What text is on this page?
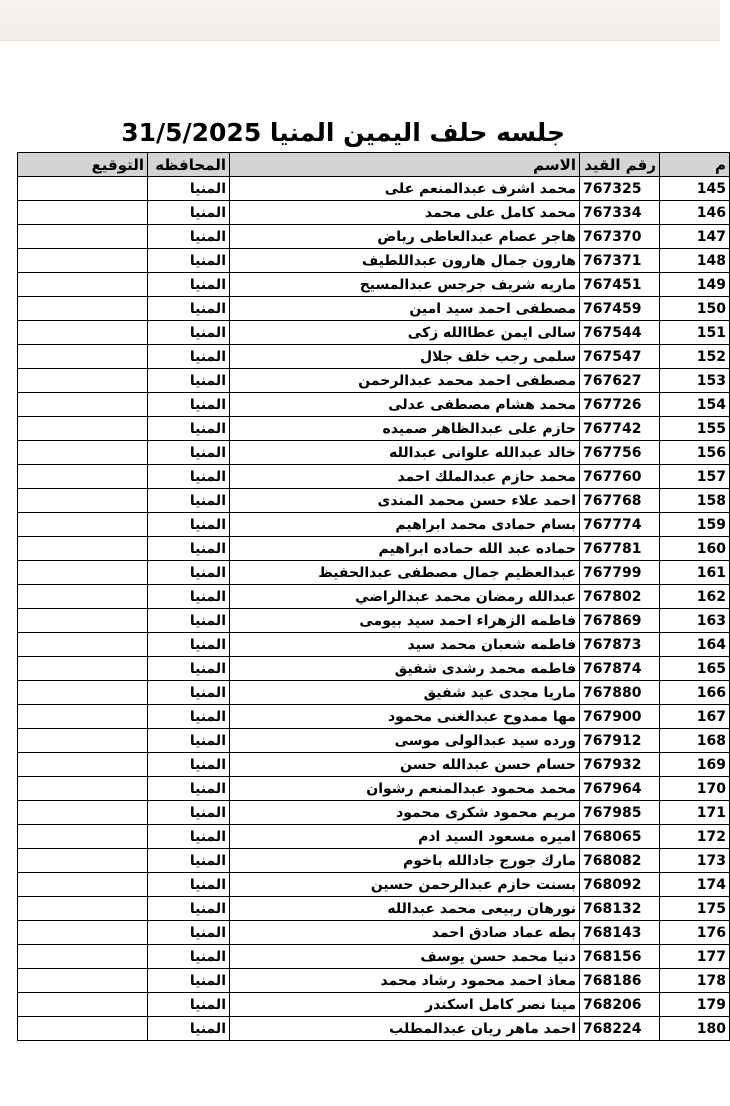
جلسه حلف اليمين المنيا 31/5/2025
م	رقم القيد	الاسم	المحافظه	التوقيع
145	767325	محمد اشرف عبدالمنعم على	المنيا	
146	767334	محمد كامل على محمد	المنيا	
147	767370	هاجر عصام عبدالعاطى رياض	المنيا	
148	767371	هارون جمال هارون عبداللطيف	المنيا	
149	767451	ماريه شريف جرجس عبدالمسيح	المنيا	
150	767459	مصطفى احمد سيد امين	المنيا	
151	767544	سالى ايمن عطاالله زكى	المنيا	
152	767547	سلمى رجب خلف جلال	المنيا	
153	767627	مصطفى احمد محمد عبدالرحمن	المنيا	
154	767726	محمد هشام مصطفى عدلى	المنيا	
155	767742	حازم على عبدالظاهر صميده	المنيا	
156	767756	خالد عبدالله علوانى عبدالله	المنيا	
157	767760	محمد حازم عبدالملك احمد	المنيا	
158	767768	احمد علاء حسن محمد المندى	المنيا	
159	767774	بسام حمادى محمد ابراهيم	المنيا	
160	767781	حماده عبد الله حماده ابراهيم	المنيا	
161	767799	عبدالعظيم جمال مصطفى عبدالحفيظ	المنيا	
162	767802	عبدالله رمضان محمد عبدالراضي	المنيا	
163	767869	فاطمه الزهراء احمد سيد بيومى	المنيا	
164	767873	فاطمه شعبان محمد سيد	المنيا	
165	767874	فاطمه محمد رشدى شفيق	المنيا	
166	767880	ماريا مجدى عيد شفيق	المنيا	
167	767900	مها ممدوح عبدالغنى محمود	المنيا	
168	767912	ورده سيد عبدالولى موسى	المنيا	
169	767932	حسام حسن عبدالله حسن	المنيا	
170	767964	محمد محمود عبدالمنعم رشوان	المنيا	
171	767985	مريم محمود شكرى محمود	المنيا	
172	768065	اميره مسعود السيد ادم	المنيا	
173	768082	مارك جورج جادالله باخوم	المنيا	
174	768092	بسنت حازم عبدالرحمن حسين	المنيا	
175	768132	نورهان ربيعى محمد عبدالله	المنيا	
176	768143	بطه عماد صادق احمد	المنيا	
177	768156	دنيا محمد حسن يوسف	المنيا	
178	768186	معاذ احمد محمود رشاد محمد	المنيا	
179	768206	مينا نصر كامل اسكندر	المنيا	
180	768224	احمد ماهر ريان عبدالمطلب	المنيا	
